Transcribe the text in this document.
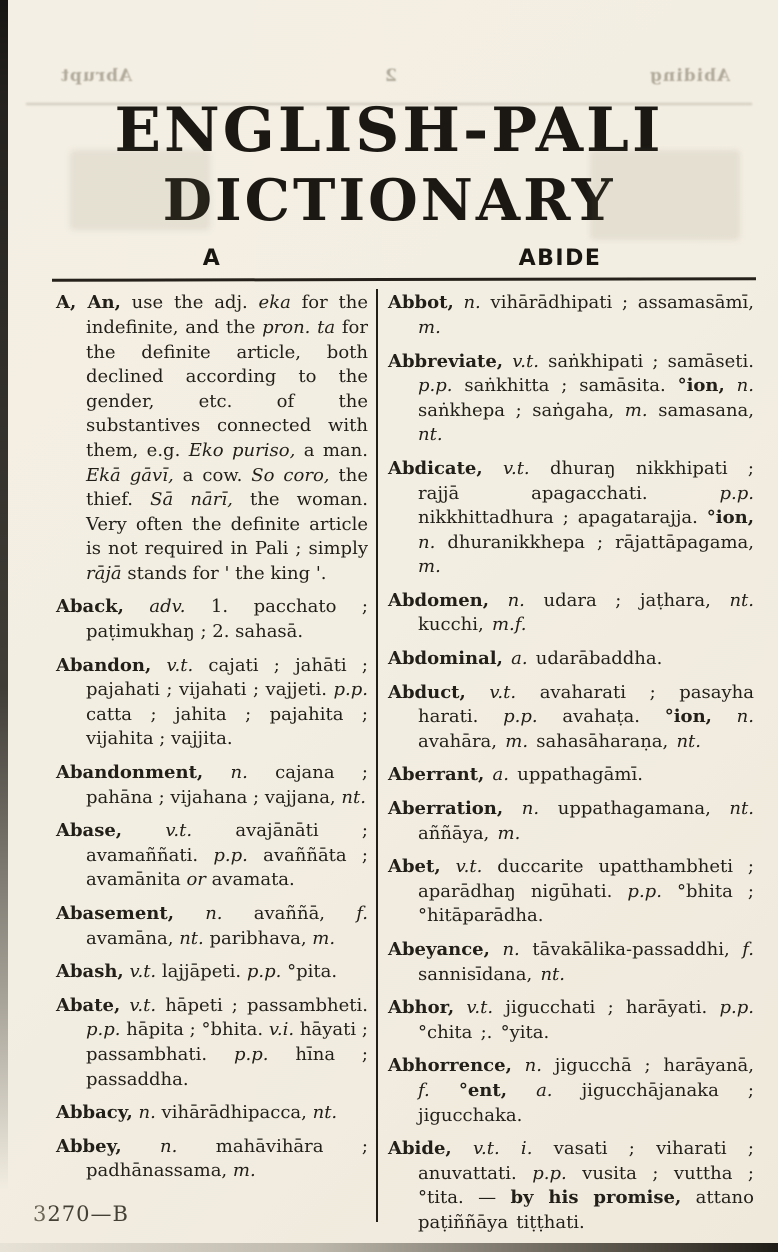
Abrupt	2	Abiding
ENGLISH-PALI
DICTIONARY
A	ABIDE

A, An, use the adj. eka for the indefinite, and the pron. ta for the definite article, both declined according to the gender, etc. of the substantives connected with them, e.g. Eko puriso, a man. Ekā gāvī, a cow. So coro, the thief. Sā nārī, the woman. Very often the definite article is not required in Pali ; simply rājā stands for ' the king '.

Aback, adv. 1. pacchato ; paṭimukhaŋ ; 2. sahasā.

Abandon, v.t. cajati ; jahāti ; pajahati ; vijahati ; vajjeti. p.p. catta ; jahita ; pajahita ; vijahita ; vajjita.

Abandonment, n. cajana ; pahāna ; vijahana ; vajjana, nt.

Abase, v.t. avajānāti ; avamaññati. p.p. avaññāta ; avamānita or avamata.

Abasement, n. avaññā, f. avamāna, nt. paribhava, m.

Abash, v.t. lajjāpeti. p.p. °pita.

Abate, v.t. hāpeti ; passambheti. p.p. hāpita ; °bhita. v.i. hāyati ; passambhati. p.p. hīna ; passaddha.

Abbacy, n. vihārādhipacca, nt.

Abbey, n. mahāvihāra ; padhānassama, m.

Abbot, n. vihārādhipati ; assamasāmī, m.

Abbreviate, v.t. saṅkhipati ; samāseti. p.p. saṅkhitta ; samāsita. °ion, n. saṅkhepa ; saṅgaha, m. samasana, nt.

Abdicate, v.t. dhuraŋ nikkhipati ; rajjā apagacchati. p.p. nikkhittadhura ; apagatarajja. °ion, n. dhuranikkhepa ; rājattāpagama, m.

Abdomen, n. udara ; jaṭhara, nt. kucchi, m.f.

Abdominal, a. udarābaddha.

Abduct, v.t. avaharati ; pasayha harati. p.p. avahaṭa. °ion, n. avahāra, m. sahasāharaṇa, nt.

Aberrant, a. uppathagāmī.

Aberration, n. uppathagamana, nt. aññāya, m.

Abet, v.t. duccarite upatthambheti ; aparādhaŋ nigūhati. p.p. °bhita ; °hitāparādha.

Abeyance, n. tāvakālika-passaddhi, f. sannisīdana, nt.

Abhor, v.t. jigucchati ; harāyati. p.p. °chita ;. °yita.

Abhorrence, n. jigucchā ; harāyanā, f. °ent, a. jigucchājanaka ; jigucchaka.

Abide, v.t. i. vasati ; viharati ; anuvattati. p.p. vusita ; vuttha ; °tita. — by his promise, attano paṭiññāya tiṭṭhati.

3270—B
